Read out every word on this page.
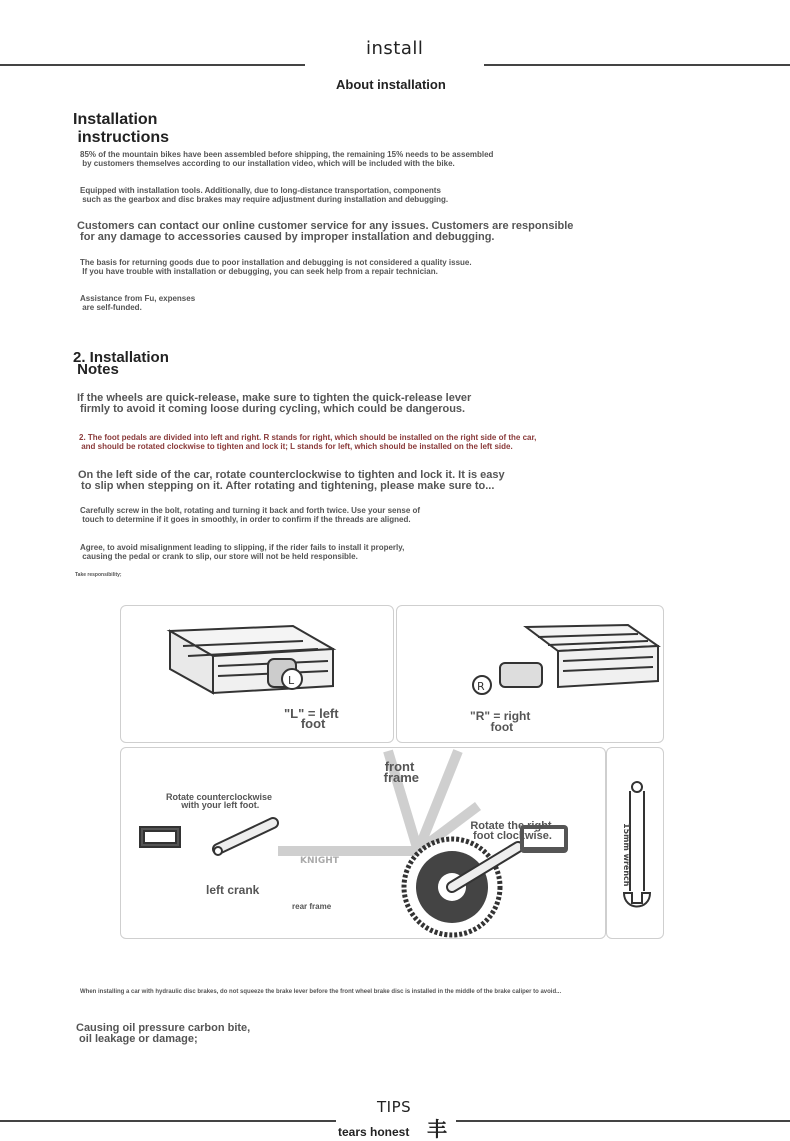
install
About installation
Installation
instructions
85% of the mountain bikes have been assembled before shipping, the remaining 15% needs to be assembled
by customers themselves according to our installation video, which will be included with the bike.
Equipped with installation tools. Additionally, due to long-distance transportation, components
such as the gearbox and disc brakes may require adjustment during installation and debugging.
Customers can contact our online customer service for any issues. Customers are responsible
for any damage to accessories caused by improper installation and debugging.
The basis for returning goods due to poor installation and debugging is not considered a quality issue.
If you have trouble with installation or debugging, you can seek help from a repair technician.
Assistance from Fu, expenses
are self-funded.
2. Installation
Notes
If the wheels are quick-release, make sure to tighten the quick-release lever
firmly to avoid it coming loose during cycling, which could be dangerous.
2. The foot pedals are divided into left and right. R stands for right, which should be installed on the right side of the car,
and should be rotated clockwise to tighten and lock it; L stands for left, which should be installed on the left side.
On the left side of the car, rotate counterclockwise to tighten and lock it. It is easy
to slip when stepping on it. After rotating and tightening, please make sure to...
Carefully screw in the bolt, rotating and turning it back and forth twice. Use your sense of
touch to determine if it goes in smoothly, in order to confirm if the threads are aligned.
Agree, to avoid misalignment leading to slipping, if the rider fails to install it properly,
causing the pedal or crank to slip, our store will not be held responsible.
Take responsibility;
L	R
KNIGHT	15mm wrench
"L" = left
foot	"R" = right
foot
front
frame
Rotate counterclockwise
with your left foot.
Rotate the right
foot clockwise.
left crank
rear frame
When installing a car with hydraulic disc brakes, do not squeeze the brake lever before the front wheel brake disc is installed in the middle of the brake caliper to avoid...
Causing oil pressure carbon bite,
oil leakage or damage;
TIPS
tears honest 丰
